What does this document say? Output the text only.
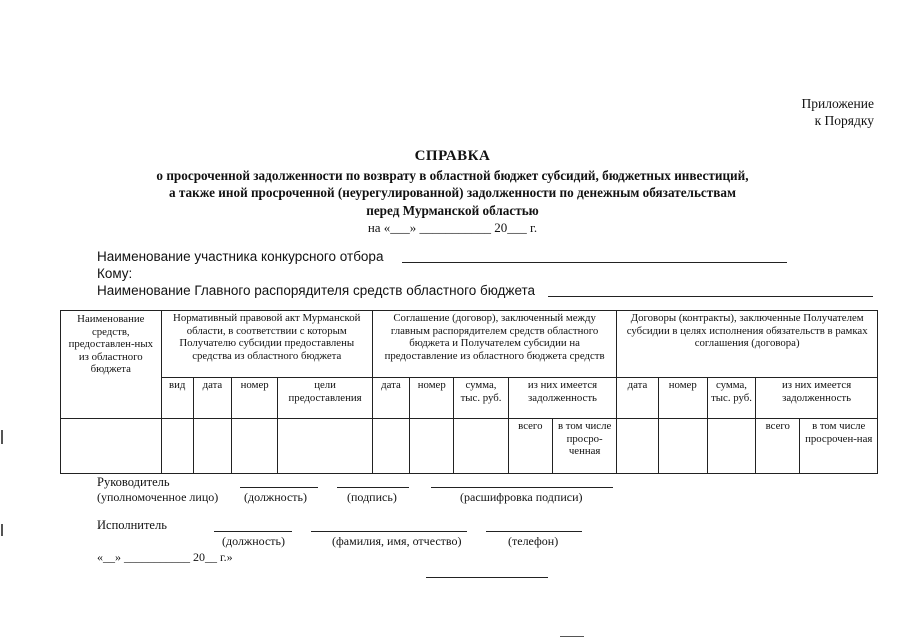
Приложение
к Порядку
СПРАВКА
о просроченной задолженности по возврату в областной бюджет субсидий, бюджетных инвестиций,
а также иной просроченной (неурегулированной) задолженности по денежным обязательствам
перед Мурманской областью
на «___» ___________ 20___ г.
Наименование участника конкурсного отбора
Кому:
Наименование Главного распорядителя средств областного бюджета
Наименование средств, предоставлен-ных из областного бюджета	Нормативный правовой акт Мурманской области, в соответствии с которым Получателю субсидии предоставлены средства из областного бюджета				Соглашение (договор), заключенный между главным распорядителем средств областного бюджета и Получателем субсидии на предоставление из областного бюджета средств					Договоры (контракты), заключенные Получателем субсидии в целях исполнения обязательств в рамках соглашения (договора)				
	вид	дата	номер	цели предоставления	дата	номер	сумма, тыс. руб.	из них имеется задолженность		дата	номер	сумма, тыс. руб.	из них имеется задолженность	
								всего	в том числе просро-ченная				всего	в том числе просрочен-ная
Руководитель
(уполномоченное лицо) (должность)	(подпись)	(расшифровка подписи)
Исполнитель
(должность)	(фамилия, имя, отчество)	(телефон)
«__» ___________ 20__ г.»
